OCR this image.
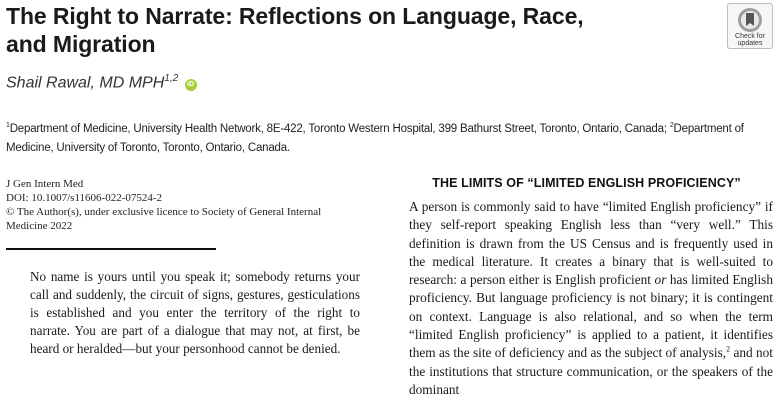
The Right to Narrate: Reflections on Language, Race,
and Migration	Check for
updates
Shail Rawal, MD MPH$^{1,2}$ iD
$^1$Department of Medicine, University Health Network, 8E-422, Toronto Western Hospital, 399 Bathurst Street, Toronto, Ontario, Canada; $^2$Department of Medicine, University of Toronto, Toronto, Ontario, Canada.
J Gen Intern Med
DOI: 10.1007/s11606-022-07524-2
© The Author(s), under exclusive licence to Society of General Internal
Medicine 2022
No name is yours until you speak it; somebody returns your call and suddenly, the circuit of signs, gestures, gesticulations is established and you enter the territory of the right to narrate. You are part of a dialogue that may not, at first, be heard or heralded—but your personhood cannot be denied.
THE LIMITS OF “LIMITED ENGLISH PROFICIENCY”
A person is commonly said to have “limited English proficiency” if they self-report speaking English less than “very well.” This definition is drawn from the US Census and is frequently used in the medical literature. It creates a binary that is well-suited to research: a person either is English proficient or has limited English proficiency. But language proficiency is not binary; it is contingent on context. Language is also relational, and so when the term “limited English proficiency” is applied to a patient, it identifies them as the site of deficiency and as the subject of analysis,$^2$ and not the institutions that structure communication, or the speakers of the dominant
